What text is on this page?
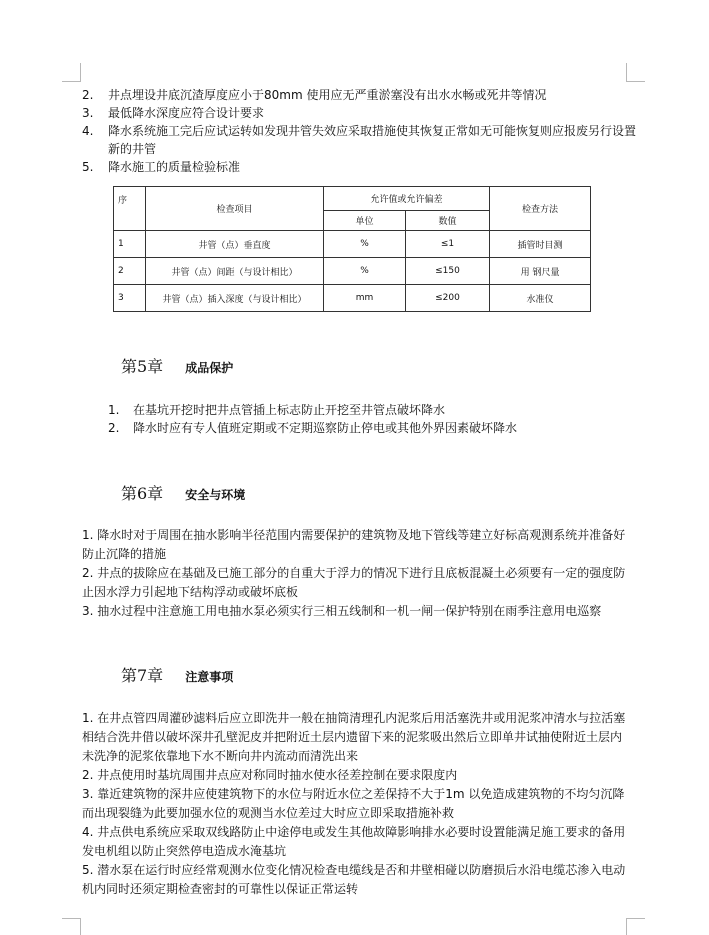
2. 井点埋设井底沉渣厚度应小于80mm 使用应无严重淤塞没有出水水畅或死井等情况
3. 最低降水深度应符合设计要求
4. 降水系统施工完后应试运转如发现井管失效应采取措施使其恢复正常如无可能恢复则应报废另行设置新的井管
5. 降水施工的质量检验标准
序	检查项目	允许值或允许偏差		检查方法
		单位	数值	
1	井管（点）垂直度	%	≤1	插管时目测
2	井管（点）间距（与设计相比）	%	≤150	用 钢尺量
3	井管（点）插入深度（与设计相比）	mm	≤200	水准仪
第5章 成品保护
1. 在基坑开挖时把井点管插上标志防止开挖至井管点破坏降水
2. 降水时应有专人值班定期或不定期巡察防止停电或其他外界因素破坏降水
第6章 安全与环境

1. 降水时对于周围在抽水影响半径范围内需要保护的建筑物及地下管线等建立好标高观测系统并准备好防止沉降的措施

2. 井点的拔除应在基础及已施工部分的自重大于浮力的情况下进行且底板混凝土必须要有一定的强度防止因水浮力引起地下结构浮动或破坏底板

3. 抽水过程中注意施工用电抽水泵必须实行三相五线制和一机一闸一保护特别在雨季注意用电巡察

第7章 注意事项

1. 在井点管四周灌砂滤料后应立即洗井一般在抽筒清理孔内泥浆后用活塞洗井或用泥浆冲清水与拉活塞相结合洗井借以破坏深井孔壁泥皮并把附近土层内遗留下来的泥浆吸出然后立即单井试抽使附近土层内未洗净的泥浆依靠地下水不断向井内流动而清洗出来

2. 井点使用时基坑周围井点应对称同时抽水使水径差控制在要求限度内

3. 靠近建筑物的深井应使建筑物下的水位与附近水位之差保持不大于1m 以免造成建筑物的不均匀沉降而出现裂缝为此要加强水位的观测当水位差过大时应立即采取措施补救

4. 井点供电系统应采取双线路防止中途停电或发生其他故障影响排水必要时设置能满足施工要求的备用发电机组以防止突然停电造成水淹基坑

5. 潜水泵在运行时应经常观测水位变化情况检查电缆线是否和井壁相碰以防磨损后水沿电缆芯渗入电动机内同时还须定期检查密封的可靠性以保证正常运转
